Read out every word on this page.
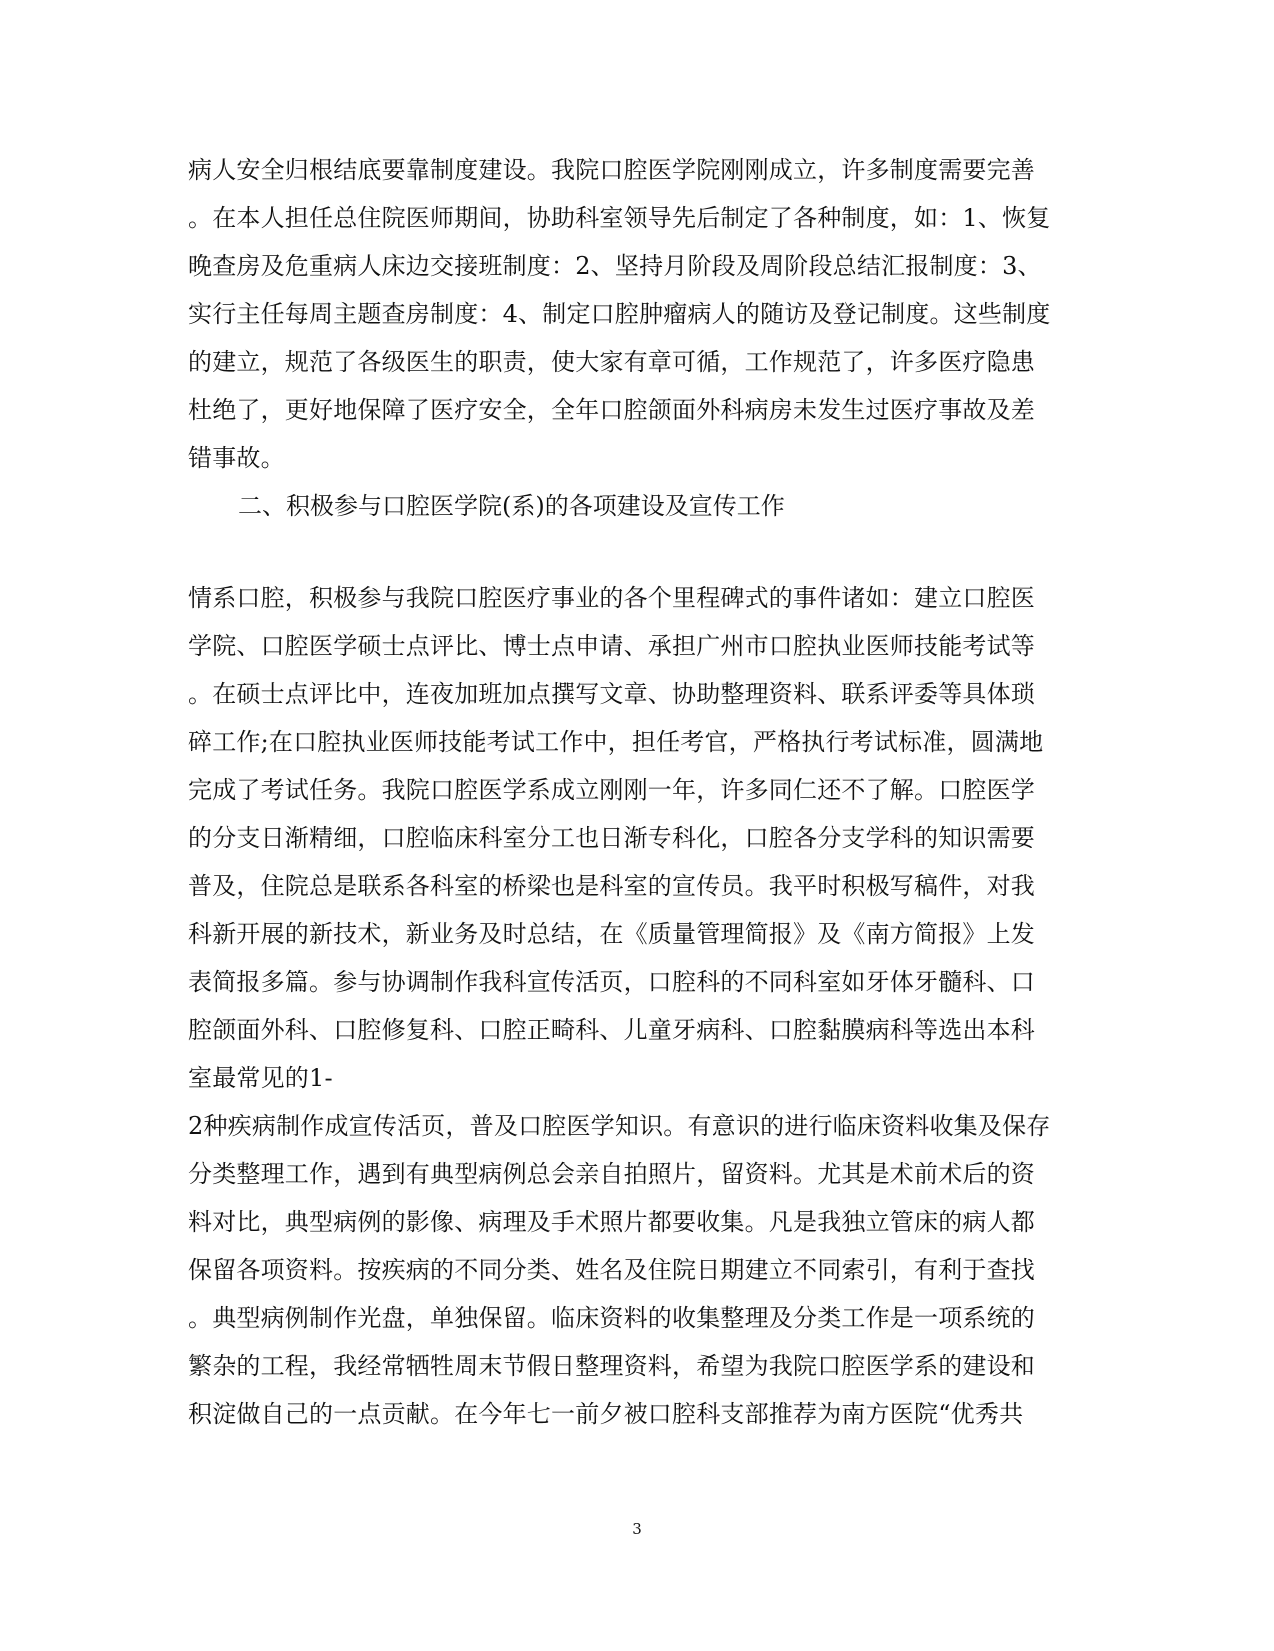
病人安全归根结底要靠制度建设。我院口腔医学院刚刚成立，许多制度需要完善
。在本人担任总住院医师期间，协助科室领导先后制定了各种制度，如：1、恢复
晚查房及危重病人床边交接班制度：2、坚持月阶段及周阶段总结汇报制度：3、
实行主任每周主题查房制度：4、制定口腔肿瘤病人的随访及登记制度。这些制度
的建立，规范了各级医生的职责，使大家有章可循，工作规范了，许多医疗隐患
杜绝了，更好地保障了医疗安全，全年口腔颌面外科病房未发生过医疗事故及差
错事故。
二、积极参与口腔医学院(系)的各项建设及宣传工作
情系口腔，积极参与我院口腔医疗事业的各个里程碑式的事件诸如：建立口腔医
学院、口腔医学硕士点评比、博士点申请、承担广州市口腔执业医师技能考试等
。在硕士点评比中，连夜加班加点撰写文章、协助整理资料、联系评委等具体琐
碎工作;在口腔执业医师技能考试工作中，担任考官，严格执行考试标准，圆满地
完成了考试任务。我院口腔医学系成立刚刚一年，许多同仁还不了解。口腔医学
的分支日渐精细，口腔临床科室分工也日渐专科化，口腔各分支学科的知识需要
普及，住院总是联系各科室的桥梁也是科室的宣传员。我平时积极写稿件，对我
科新开展的新技术，新业务及时总结，在《质量管理简报》及《南方简报》上发
表简报多篇。参与协调制作我科宣传活页，口腔科的不同科室如牙体牙髓科、口
腔颌面外科、口腔修复科、口腔正畸科、儿童牙病科、口腔黏膜病科等选出本科
室最常见的1-
2种疾病制作成宣传活页，普及口腔医学知识。有意识的进行临床资料收集及保存
分类整理工作，遇到有典型病例总会亲自拍照片，留资料。尤其是术前术后的资
料对比，典型病例的影像、病理及手术照片都要收集。凡是我独立管床的病人都
保留各项资料。按疾病的不同分类、姓名及住院日期建立不同索引，有利于查找
。典型病例制作光盘，单独保留。临床资料的收集整理及分类工作是一项系统的
繁杂的工程，我经常牺牲周末节假日整理资料，希望为我院口腔医学系的建设和
积淀做自己的一点贡献。在今年七一前夕被口腔科支部推荐为南方医院“优秀共
3
